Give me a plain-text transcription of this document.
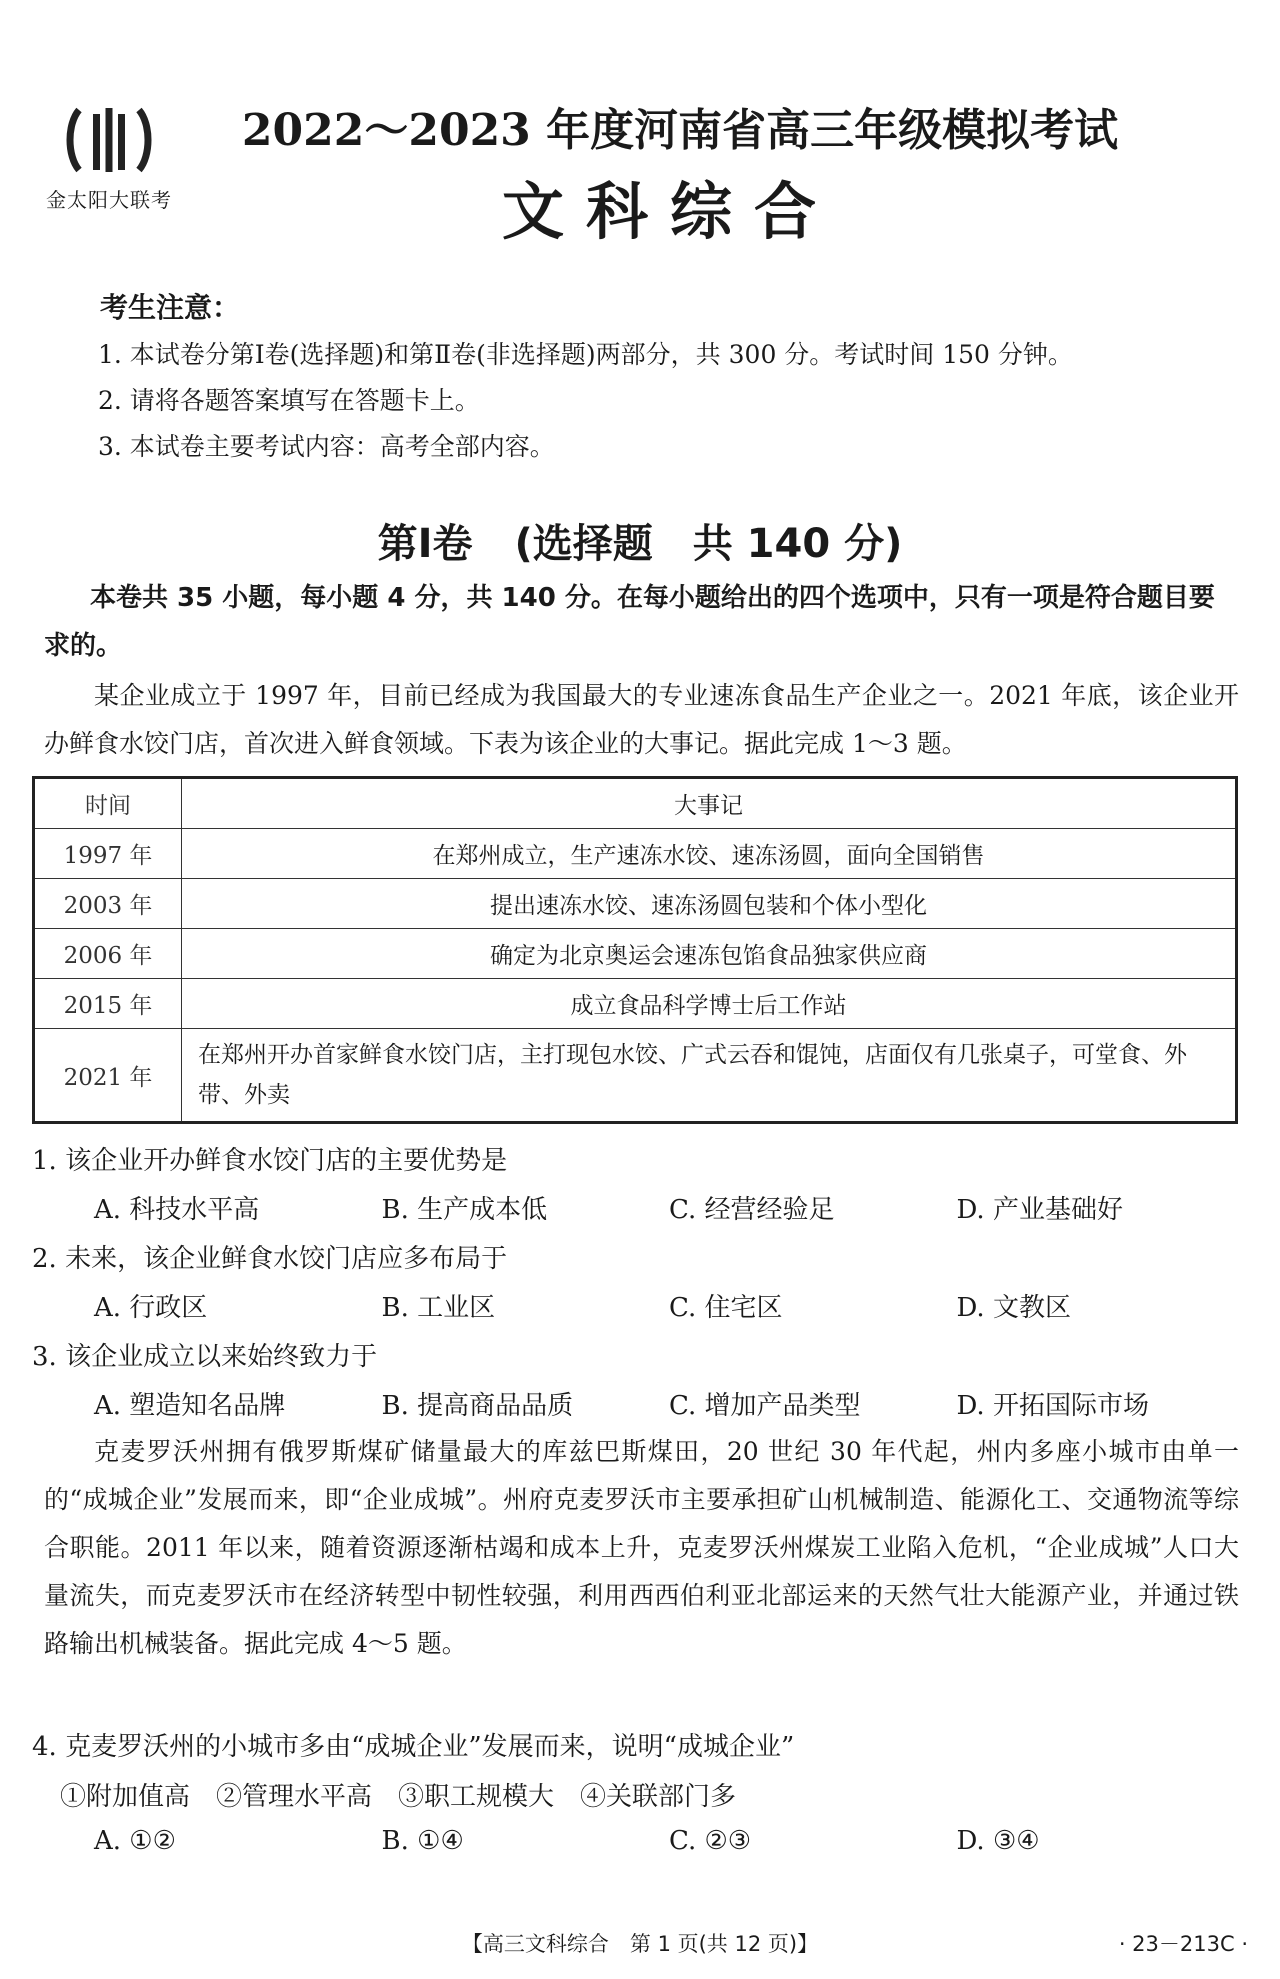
金太阳大联考
2022～2023 年度河南省高三年级模拟考试
文科综合
考生注意：
1. 本试卷分第Ⅰ卷(选择题)和第Ⅱ卷(非选择题)两部分，共 300 分。考试时间 150 分钟。
2. 请将各题答案填写在答题卡上。
3. 本试卷主要考试内容：高考全部内容。
第Ⅰ卷 (选择题　共 140 分)
本卷共 35 小题，每小题 4 分，共 140 分。在每小题给出的四个选项中，只有一项是符合题目要求的。
某企业成立于 1997 年，目前已经成为我国最大的专业速冻食品生产企业之一。2021 年底，该企业开办鲜食水饺门店，首次进入鲜食领域。下表为该企业的大事记。据此完成 1～3 题。
时间	大事记
1997 年	在郑州成立，生产速冻水饺、速冻汤圆，面向全国销售
2003 年	提出速冻水饺、速冻汤圆包装和个体小型化
2006 年	确定为北京奥运会速冻包馅食品独家供应商
2015 年	成立食品科学博士后工作站
2021 年	在郑州开办首家鲜食水饺门店，主打现包水饺、广式云吞和馄饨，店面仅有几张桌子，可堂食、外带、外卖
1. 该企业开办鲜食水饺门店的主要优势是
A. 科技水平高	B. 生产成本低	C. 经营经验足	D. 产业基础好
2. 未来，该企业鲜食水饺门店应多布局于
A. 行政区	B. 工业区	C. 住宅区	D. 文教区
3. 该企业成立以来始终致力于
A. 塑造知名品牌	B. 提高商品品质	C. 增加产品类型	D. 开拓国际市场
克麦罗沃州拥有俄罗斯煤矿储量最大的库兹巴斯煤田，20 世纪 30 年代起，州内多座小城市由单一的“成城企业”发展而来，即“企业成城”。州府克麦罗沃市主要承担矿山机械制造、能源化工、交通物流等综合职能。2011 年以来，随着资源逐渐枯竭和成本上升，克麦罗沃州煤炭工业陷入危机，“企业成城”人口大量流失，而克麦罗沃市在经济转型中韧性较强，利用西西伯利亚北部运来的天然气壮大能源产业，并通过铁路输出机械装备。据此完成 4～5 题。
4. 克麦罗沃州的小城市多由“成城企业”发展而来，说明“成城企业”
①附加值高　②管理水平高　③职工规模大　④关联部门多
A. ①②	B. ①④	C. ②③	D. ③④
【高三文科综合　第 1 页(共 12 页)】	· 23－213C ·
